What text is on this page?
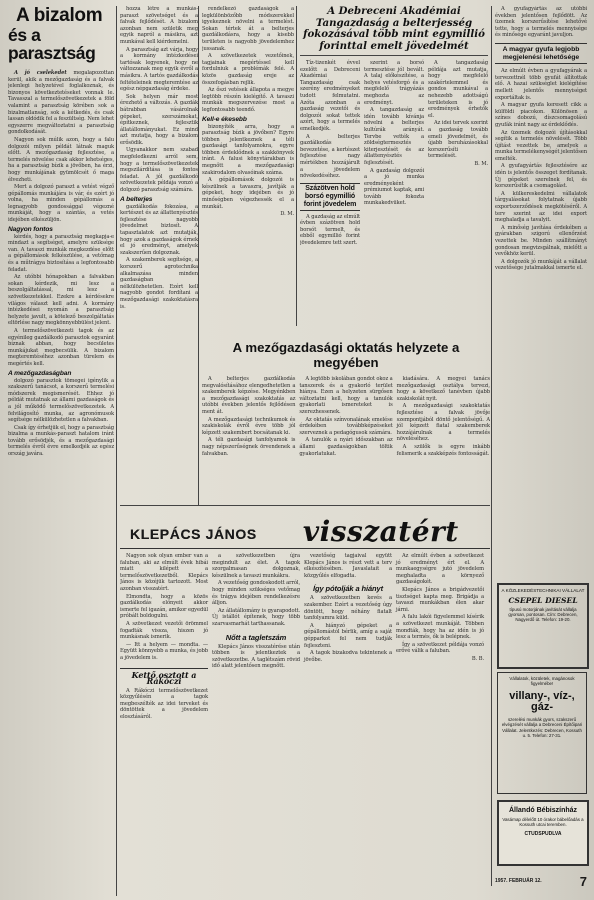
A bizalom
és a parasztság

A jó cselekedet megalapozottan kerül, akik a mezőgazdaság és a falvak jelenlegi helyzetével foglalkoznak, és bizonyos következtetéseket vonnak le. Tavasszal a termelőszövetkezetek a föld valamint a parasztság körében sok a bizalmatlanság, sok a kétkedés, és csak lassan oldódik fel a feszültség. Nem lehet egyszerre megváltoztatni a parasztság gondolkodását.

Nagyon sok múlik azon, hogy a falu dolgozói milyen példát látnak maguk előtt. A mezőgazdaság fejlesztése, a termelés növelése csak akkor lehetséges, ha a parasztság bízik a jövőben, ha érzi, hogy munkájának gyümölcsét ő maga élvezheti.

Mert a dolgozó paraszt a vetést végző gépállomás munkájára is vár, és ezért jó volna, ha minden gépállomás a legnagyobb gondossággal végezné munkáját, hogy a szántás, a vetés idejében elkészüljön.

Nagyon fontos

kérdés, hogy a parasztság megkapja-e mindazt a segítséget, amelyre szüksége van. A tavaszi munkák megkezdése előtt a gépállomások felkészülése, a vetőmag és a műtrágya biztosítása a legfontosabb feladat.

Az utóbbi hónapokban a falvakban sokan kérdezik, mi lesz a beszolgáltatással, mi lesz a szövetkezetekkel. Ezekre a kérdésekre világos választ kell adni. A kormány intézkedései nyomán a parasztság helyzete javult, a kötelező beszolgáltatás eltörlése nagy megkönnyebbülést jelent.

A termelőszövetkezeti tagok és az egyénileg gazdálkodó parasztok egyaránt bíznak abban, hogy becsületes munkájukat megbecsülik. A bizalom megteremtéséhez azonban türelem és megértés kell.

A mezőgazdaságban

dolgozó parasztok tömegei igénylik a szakszerű tanácsot, a korszerű termelési módszerek megismerését. Ehhez jó példát mutatnak az állami gazdaságok és a jól működő termelőszövetkezetek. A felvilágosító munka, az agronómusok segítsége nélkülözhetetlen a falvakban.

Csak így érhetjük el, hogy a parasztság bizalma a munkás-paraszt hatalom iránt tovább erősödjék, és a mezőgazdasági termelés évről évre emelkedjék az egész ország javára.

hozza létre a munkás-paraszt szövetséget és a falvak fejlődését. A bizalom azonban nem születik meg egyik napról a másikra, azt munkával kell kiérdemelni.

A parasztság azt várja, hogy a kormány intézkedései tartósak legyenek, hogy ne változzanak meg egyik évről a másikra. A tartós gazdálkodás feltételeinek megteremtése az egész népgazdaság érdeke.

Sok helyen már most érezhető a változás. A gazdák bátrabban vásárolnak gépeket, szerszámokat, építkeznek, fejlesztik állatállományukat. Ez mind azt mutatja, hogy a bizalom erősödik.

Ugyanakkor nem szabad megfeledkezni arról sem, hogy a termelőszövetkezetek megszilárdítása is fontos feladat. A jól gazdálkodó szövetkezetek példája vonzó a dolgozó parasztság számára.

A belterjes

gazdálkodás fokozása, a kertészet és az állattenyésztés fejlesztése nagyobb jövedelmet biztosít. A tapasztalatok azt mutatják, hogy azok a gazdaságok érnek el jó eredményt, amelyek szakszerűen dolgoznak.

A szakemberek segítsége, a korszerű agrotechnika alkalmazása minden gazdaságban nélkülözhetetlen. Ezért kell nagyobb gondot fordítani a mezőgazdasági szakoktatásra is.

rendelkező gazdaságok a legkülönbözőbb módszerekkel igyekeznek növelni a termelést. Sokan tértek át a belterjes gazdálkodásra, hogy a kisebb területen is nagyobb jövedelemhez jussanak.

A szövetkezetek vezetőinek, tagjainak megértéssel kell fordulniuk a problémák felé. A közös gazdaság ereje az összefogásban rejlik.

Az őszi vetések állapota a megye legtöbb részén kielégítő. A tavaszi munkák megszervezése most a legfontosabb teendő.

Kell-e ékesebb

bizonyíték arra, hogy a parasztság bízik a jövőben? Egyre többen jelentkeznek a téli gazdasági tanfolyamokra, egyre többen érdeklődnek a szakkönyvek iránt. A falusi könyvtárakban is megnőtt a mezőgazdasági szakirodalom olvasóinak száma.

A gépállomások dolgozói is készülnek a tavaszra, javítják a gépeket, hogy idejében és jó minőségben végezhessék el a munkát.

D. M.

A Debreceni Akadémiai Tangazdaság a belterjesség fokozásával több mint egymillió forinttal emelt jövedelmét

Tíz-tizenkét évvel ezelőtt a Debreceni Akadémiai Tangazdaság csak szerény eredményeket tudott felmutatni. Azóta azonban a gazdaság vezetői és dolgozói sokat tettek azért, hogy a termelés emelkedjék.

A belterjes gazdálkodás bevezetése, a kertészet fejlesztése nagy mértékben hozzájárult a jövedelem növekedéséhez.

Százötven hold borsó egymillió forint jövedelem

A gazdaság az elmúlt évben százötven hold borsót termelt, és ebből egymillió forint jövedelemre tett szert.

szerint a borsó termesztése jól bevált. A talaj előkészítése, a helyes vetésforgó és a megfelelő trágyázás meghozta az eredményt.

A tangazdaság az idén tovább kívánja növelni a belterjes kultúrák arányát. Tervbe vették a zöldségtermesztés kiterjesztését és az állattenyésztés fejlesztését.

A gazdaság dolgozói a jó munka eredményeként prémiumot kaptak, ami tovább fokozta munkakedvüket.

A tangazdaság példája azt mutatja, hogy megfelelő szakértelemmel és gondos munkával a nehezebb adottságú területeken is jó eredmények érhetők el.

Az idei tervek szerint a gazdaság tovább emeli jövedelmét, és újabb beruházásokkal korszerűsíti termelését.

B. M.

A gyufagyártás az utóbbi években jelentősen fejlődött. Az üzemek korszerűsítése lehetővé tette, hogy a termelés mennyisége és minősége egyaránt javuljon.

A magyar gyufa legjobb megjelenési lehetősége

Az elmúlt évben a gyufagyárak a tervezettnél több gyufát állítottak elő. A hazai szükséglet kielégítése mellett jelentős mennyiséget exportáltak is.

A magyar gyufa keresett cikk a külföldi piacokon. Különösen a színes dobozú, díszcsomagolású gyufák iránt nagy az érdeklődés.

Az üzemek dolgozói újításokkal segítik a termelés növelését. Több újítást vezettek be, amelyek a munka termelékenységét jelentősen emelték.

A gyufagyártás fejlesztésére az idén is jelentős összeget fordítanak. Új gépeket szerelnek fel, és korszerűsítik a csomagolást.

A külkereskedelmi vállalatok tárgyalásokat folytatnak újabb exportszerződések megkötéséről. A terv szerint az idei export meghaladja a tavalyit.

A minőség javítása érdekében a gyárakban szigorú ellenőrzést vezettek be. Minden szállítmányt gondosan megvizsgálnak, mielőtt a vevőkhöz kerül.

A dolgozók jó munkáját a vállalat vezetősége jutalmakkal ismerte el.

A KÖZLEKEDÉSTECHNIKAI VÁLLALAT
CSEPEL DIESEL
típusú motorjának javítását vállalja gyorsan, pontosan. Cím: Debrecen, Nagyerdő út. Telefon: 19-20.
Vállalatok, közületek, magánosok figyelmébe!
villany-, víz-,
gáz-
szerelési munkák gyors, szakszerű elvégzését vállalja a Debreceni Építőipari Vállalat. Jelentkezés: Debrecen, Kossuth u. 5. Telefon: 27-31.
Állandó Bébiszínház
Vasárnap délelőtt 10 órakor bábelőadás a Kossuth utcai teremben.
CTUDSPUDLVA
A mezőgazdasági oktatás helyzete a megyében

A belterjes gazdálkodás megvalósításához elengedhetetlen a szakemberek képzése. Megyénkben a mezőgazdasági szakoktatás az utóbbi években jelentős fejlődésen ment át.

A mezőgazdasági technikumok és szakiskolák évről évre több jól képzett szakembert bocsátanak ki.

A téli gazdasági tanfolyamok is nagy népszerűségnek örvendenek a falvakban.

A legtöbb iskolában gondot okoz a tanszerek és a gyakorló terület hiánya. Ezen a helyzeten sürgősen változtatni kell, hogy a tanulók gyakorlati ismereteket is szerezhessenek.

Az oktatás színvonalának emelése érdekében továbbképzéseket szerveznek a pedagógusok számára.

A tanulók a nyári időszakban az állami gazdaságokban töltik gyakorlatukat.

kiadására. A megyei tanács mezőgazdasági osztálya tervezi, hogy a következő tanévben újabb szakiskolát nyit.

A mezőgazdasági szakoktatás fejlesztése a falvak jövője szempontjából döntő jelentőségű. A jól képzett fiatal szakemberek hozzájárulnak a termelés növeléséhez.

A szülők is egyre inkább felismerik a szakképzés fontosságát.

KLEPÁCS JÁNOS visszatért

Nagyon sok olyan ember van a faluban, aki az elmúlt évek hibái miatt kilépett a termelőszövetkezetből. Klepács János is közéjük tartozott. Most azonban visszatért.

Elmondta, hogy a közös gazdálkodás előnyeit akkor ismerte fel igazán, amikor egyedül próbált boldogulni.

A szövetkezet vezetői örömmel fogadták vissza, hiszen jó munkásnak ismerik.

— Itt a helyem — mondta. — Együtt könnyebb a munka, és jobb a jövedelem is.

Kettő osztott a Rákóczi

A Rákóczi termelőszövetkezet közgyűlésén a tagok megbeszélték az idei terveket és döntöttek a jövedelem elosztásáról.

a szövetkezetben újra megindult az élet. A tagok szorgalmasan dolgoznak, készülnek a tavaszi munkákra.

A vezetőség gondoskodott arról, hogy minden szükséges vetőmag és trágya idejében rendelkezésre álljon.

Az állatállomány is gyarapodott. Új istállót építenek, hogy több szarvasmarhát tarthassanak.

Nőtt a tagletszám

Klepács János visszatérése után többen is jelentkeztek a szövetkezetbe. A taglétszám rövid idő alatt jelentősen megnőtt.

vezetőség tagjaival együtt Klepács János is részt vett a terv elkészítésében. Javaslatait a közgyűlés elfogadta.

Így pótolják a hiányt

A szövetkezetben kevés a szakember. Ezért a vezetőség úgy döntött, hogy néhány fiatalt tanfolyamra küld.

A hiányzó gépeket a gépállomástól bérlik, amíg a saját gépparkot fel nem tudják fejleszteni.

A tagok bizakodva tekintenek a jövőbe.

Az elmúlt évben a szövetkezet jó eredményt ért el. A munkaegységre jutó jövedelem meghaladta a környező gazdaságokét.

Klepács János a brigádvezetői tisztséget kapta meg. Brigádja a tavaszi munkákban élen akar járni.

A falu lakói figyelemmel kísérik a szövetkezet munkáját. Többen mondták, hogy ha az idén is jó lesz a termés, ők is belépnek.

Így a szövetkezet példája vonzó erővé válik a faluban.

B. B.

1957. FEBRUÁR 12.	7
